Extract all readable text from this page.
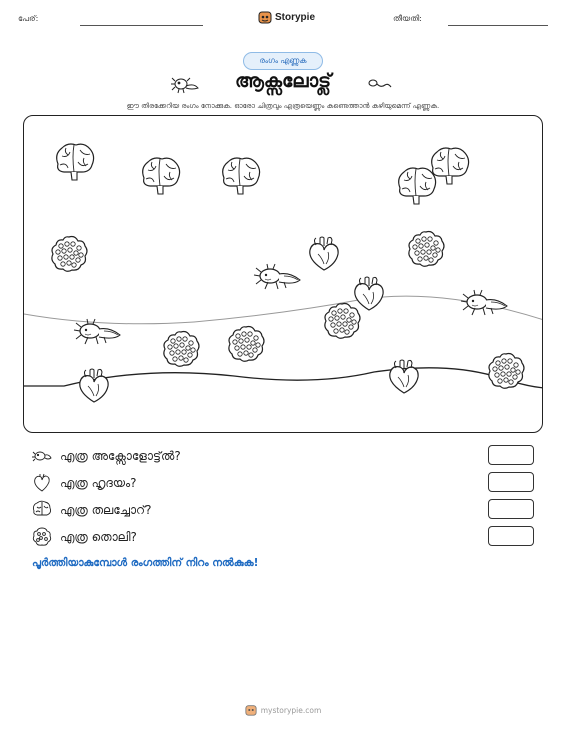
പേര്:	Storypie	തീയതി:
രംഗം എണ്ണുക
ആക്സലോട്ല്
ഈ തിരക്കേറിയ രംഗം നോക്കുക. ഓരോ ചിത്രവും എത്രയെണ്ണം കണ്ടെത്താൻ കഴിയുമെന്ന് എണ്ണുക.
എത്ര അക്സോളോട്ട്ൽ?
എത്ര ഹൃദയം?
എത്ര തലച്ചോറ്?
എത്ര തൊലി?
പൂർത്തിയാകുമ്പോൾ രംഗത്തിന് നിറം നൽകുക!
mystorypie.com
